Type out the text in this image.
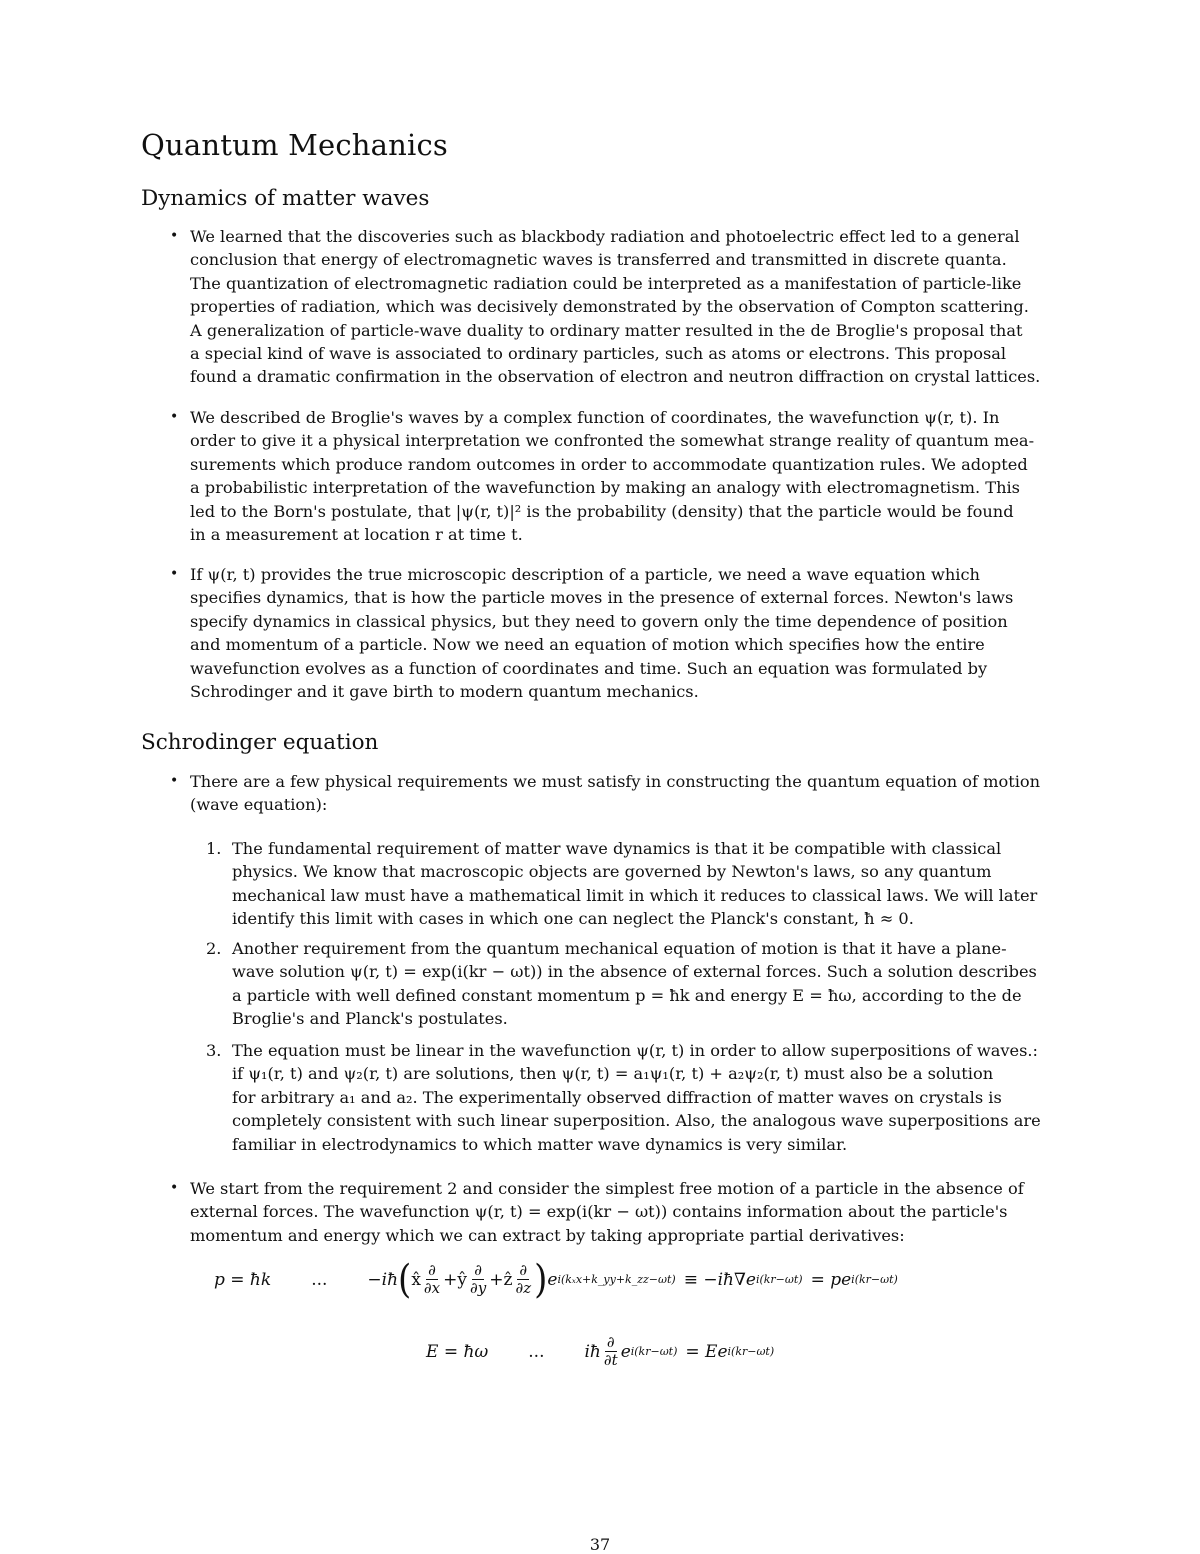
Quantum Mechanics
Dynamics of matter waves
• We learned that the discoveries such as blackbody radiation and photoelectric effect led to a general
conclusion that energy of electromagnetic waves is transferred and transmitted in discrete quanta.
The quantization of electromagnetic radiation could be interpreted as a manifestation of particle-like
properties of radiation, which was decisively demonstrated by the observation of Compton scattering.
A generalization of particle-wave duality to ordinary matter resulted in the de Broglie's proposal that
a special kind of wave is associated to ordinary particles, such as atoms or electrons. This proposal
found a dramatic confirmation in the observation of electron and neutron diffraction on crystal lattices.
• We described de Broglie's waves by a complex function of coordinates, the wavefunction ψ(r, t). In
order to give it a physical interpretation we confronted the somewhat strange reality of quantum mea-
surements which produce random outcomes in order to accommodate quantization rules. We adopted
a probabilistic interpretation of the wavefunction by making an analogy with electromagnetism. This
led to the Born's postulate, that |ψ(r, t)|² is the probability (density) that the particle would be found
in a measurement at location r at time t.
• If ψ(r, t) provides the true microscopic description of a particle, we need a wave equation which
specifies dynamics, that is how the particle moves in the presence of external forces. Newton's laws
specify dynamics in classical physics, but they need to govern only the time dependence of position
and momentum of a particle. Now we need an equation of motion which specifies how the entire
wavefunction evolves as a function of coordinates and time. Such an equation was formulated by
Schrodinger and it gave birth to modern quantum mechanics.
Schrodinger equation
• There are a few physical requirements we must satisfy in constructing the quantum equation of motion
(wave equation):
1. The fundamental requirement of matter wave dynamics is that it be compatible with classical
physics. We know that macroscopic objects are governed by Newton's laws, so any quantum
mechanical law must have a mathematical limit in which it reduces to classical laws. We will later
identify this limit with cases in which one can neglect the Planck's constant, ħ ≈ 0.
2. Another requirement from the quantum mechanical equation of motion is that it have a plane-
wave solution ψ(r, t) = exp(i(kr − ωt)) in the absence of external forces. Such a solution describes
a particle with well defined constant momentum p = ħk and energy E = ħω, according to the de
Broglie's and Planck's postulates.
3. The equation must be linear in the wavefunction ψ(r, t) in order to allow superpositions of waves.:
if ψ₁(r, t) and ψ₂(r, t) are solutions, then ψ(r, t) = a₁ψ₁(r, t) + a₂ψ₂(r, t) must also be a solution
for arbitrary a₁ and a₂. The experimentally observed diffraction of matter waves on crystals is
completely consistent with such linear superposition. Also, the analogous wave superpositions are
familiar in electrodynamics to which matter wave dynamics is very similar.
• We start from the requirement 2 and consider the simplest free motion of a particle in the absence of
external forces. The wavefunction ψ(r, t) = exp(i(kr − ωt)) contains information about the particle's
momentum and energy which we can extract by taking appropriate partial derivatives:
p = ħk ... −iħ ( x̂ $\frac{\partial}{\partial x}$ + ŷ $\frac{\partial}{\partial y}$ + ẑ $\frac{\partial}{\partial z}$ ) e i(kₓx+k_yy+k_zz−ωt) ≡ −iħ∇e i(kr−ωt) = pe i(kr−ωt)
E = ħω ... iħ $\frac{\partial}{\partial t}$ e i(kr−ωt) = Ee i(kr−ωt)
37
